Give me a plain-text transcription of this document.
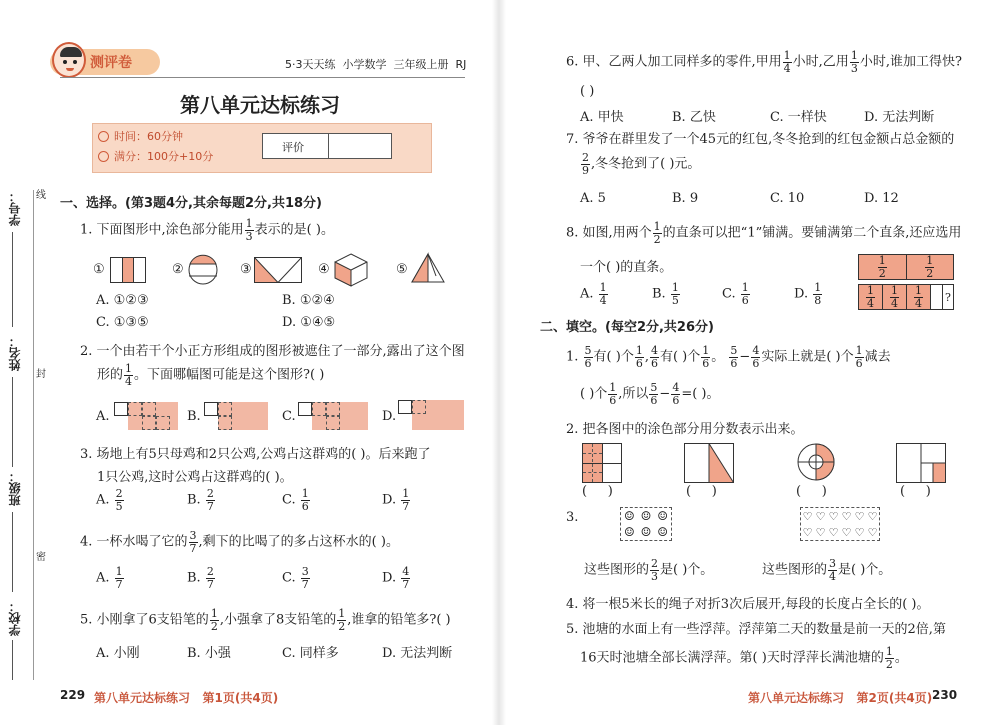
测评卷	5·3天天练  小学数学  三年级上册  RJ
第八单元达标练习
时间：60分钟
满分：100分+10分
评价
学号：
姓名：
班级：
学校：
线
封
密
一、选择。(第3题4分,其余每题2分,共18分)
1. 下面图形中,涂色部分能用 $\frac{1}{3}$ 表示的是( )。
①	②	③	④	⑤
A. ①②③	B. ①②④
C. ①③⑤	D. ①④⑤
2. 一个由若干个小正方形组成的图形被遮住了一部分,露出了这个图
形的 $\frac{1}{4}$ 。下面哪幅图可能是这个图形?( )
A.	B.	C.	D.
3. 场地上有5只母鸡和2只公鸡,公鸡占这群鸡的( )。后来跑了
1只公鸡,这时公鸡占这群鸡的( )。
A. $\frac{2}{5}$	B. $\frac{2}{7}$	C. $\frac{1}{6}$	D. $\frac{1}{7}$
4. 一杯水喝了它的 $\frac{3}{7}$ ,剩下的比喝了的多占这杯水的( )。
A. $\frac{1}{7}$	B. $\frac{2}{7}$	C. $\frac{3}{7}$	D. $\frac{4}{7}$
5. 小刚拿了6支铅笔的 $\frac{1}{2}$ ,小强拿了8支铅笔的 $\frac{1}{2}$ ,谁拿的铅笔多?( )
A. 小刚	B. 小强	C. 同样多	D. 无法判断
229 第八单元达标练习   第1页(共4页)
6. 甲、乙两人加工同样多的零件,甲用 $\frac{1}{4}$ 小时,乙用 $\frac{1}{3}$ 小时,谁加工得快?
( )
A. 甲快	B. 乙快	C. 一样快	D. 无法判断
7. 爷爷在群里发了一个45元的红包,冬冬抢到的红包金额占总金额的
$\frac{2}{9}$ ,冬冬抢到了( )元。
A. 5	B. 9	C. 10	D. 12
8. 如图,用两个 $\frac{1}{2}$ 的直条可以把“1”铺满。要铺满第二个直条,还应选用
一个( )的直条。	$\frac{1}{2}$	$\frac{1}{2}$
$\frac{1}{4} \frac{1}{4} \frac{1}{4}$ ?
A. $\frac{1}{4}$	B. $\frac{1}{5}$	C. $\frac{1}{6}$	D. $\frac{1}{8}$
二、填空。(每空2分,共26分)
1. $\frac{5}{6}$ 有( )个 $\frac{1}{6}$ , $\frac{4}{6}$ 有( )个 $\frac{1}{6}$ 。 $\frac{5}{6} - \frac{4}{6}$ 实际上就是( )个 $\frac{1}{6}$ 减去
( )个 $\frac{1}{6}$ ,所以 $\frac{5}{6} - \frac{4}{6}$ =( )。
2. 把各图中的涂色部分用分数表示出来。
(     )	(     )	(     )	(     )
3.	☺ ☺ ☺
☺ ☺ ☺
♡ ♡ ♡ ♡ ♡ ♡
♡ ♡ ♡ ♡ ♡ ♡
这些图形的 $\frac{2}{3}$ 是( )个。	这些图形的 $\frac{3}{4}$ 是( )个。
4. 将一根5米长的绳子对折3次后展开,每段的长度占全长的( )。
5. 池塘的水面上有一些浮萍。浮萍第二天的数量是前一天的2倍,第
16天时池塘全部长满浮萍。第( )天时浮萍长满池塘的 $\frac{1}{2}$ 。
第八单元达标练习   第2页(共4页) 230
